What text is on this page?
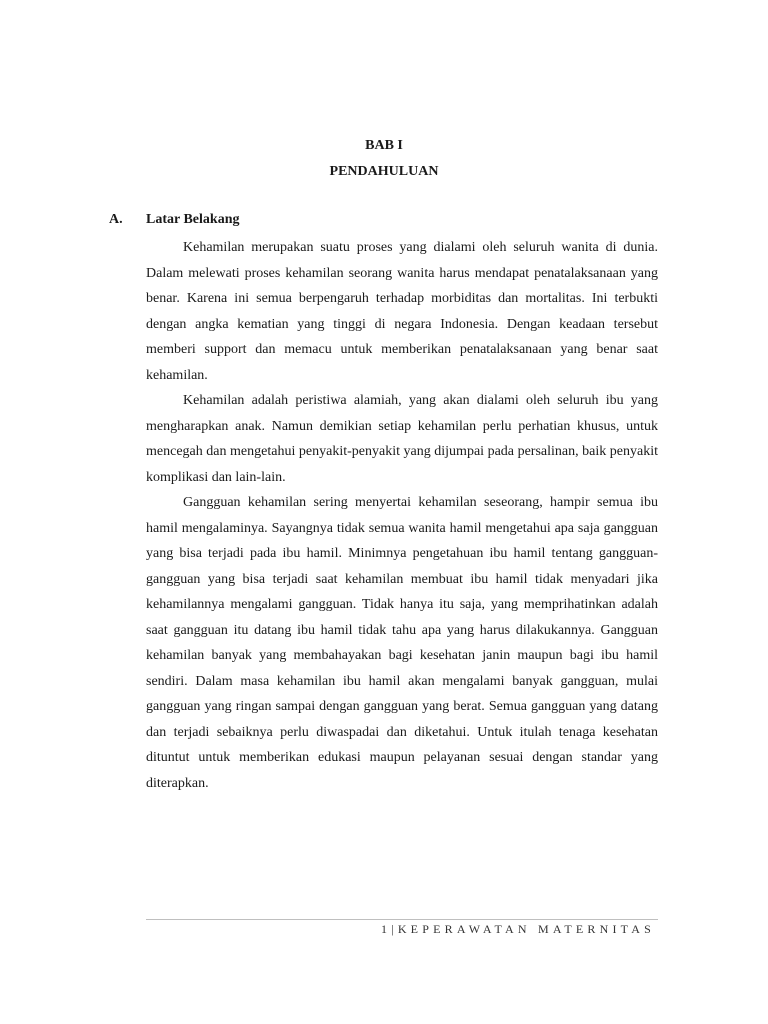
BAB I
PENDAHULUAN
A. Latar Belakang

Kehamilan merupakan suatu proses yang dialami oleh seluruh wanita di dunia. Dalam melewati proses kehamilan seorang wanita harus mendapat penatalaksanaan yang benar. Karena ini semua berpengaruh terhadap morbiditas dan mortalitas. Ini terbukti dengan angka kematian yang tinggi di negara Indonesia. Dengan keadaan tersebut memberi support dan memacu untuk memberikan penatalaksanaan yang benar saat kehamilan.

Kehamilan adalah peristiwa alamiah, yang akan dialami oleh seluruh ibu yang mengharapkan anak. Namun demikian setiap kehamilan perlu perhatian khusus, untuk mencegah dan mengetahui penyakit-penyakit yang dijumpai pada persalinan, baik penyakit komplikasi dan lain-lain.

Gangguan kehamilan sering menyertai kehamilan seseorang, hampir semua ibu hamil mengalaminya. Sayangnya tidak semua wanita hamil mengetahui apa saja gangguan yang bisa terjadi pada ibu hamil. Minimnya pengetahuan ibu hamil tentang gangguan-gangguan yang bisa terjadi saat kehamilan membuat ibu hamil tidak menyadari jika kehamilannya mengalami gangguan. Tidak hanya itu saja, yang memprihatinkan adalah saat gangguan itu datang ibu hamil tidak tahu apa yang harus dilakukannya. Gangguan kehamilan banyak yang membahayakan bagi kesehatan janin maupun bagi ibu hamil sendiri. Dalam masa kehamilan ibu hamil akan mengalami banyak gangguan, mulai gangguan yang ringan sampai dengan gangguan yang berat. Semua gangguan yang datang dan terjadi sebaiknya perlu diwaspadai dan diketahui. Untuk itulah tenaga kesehatan dituntut untuk memberikan edukasi maupun pelayanan sesuai dengan standar yang diterapkan.

1|KEPERAWATAN MATERNITAS
